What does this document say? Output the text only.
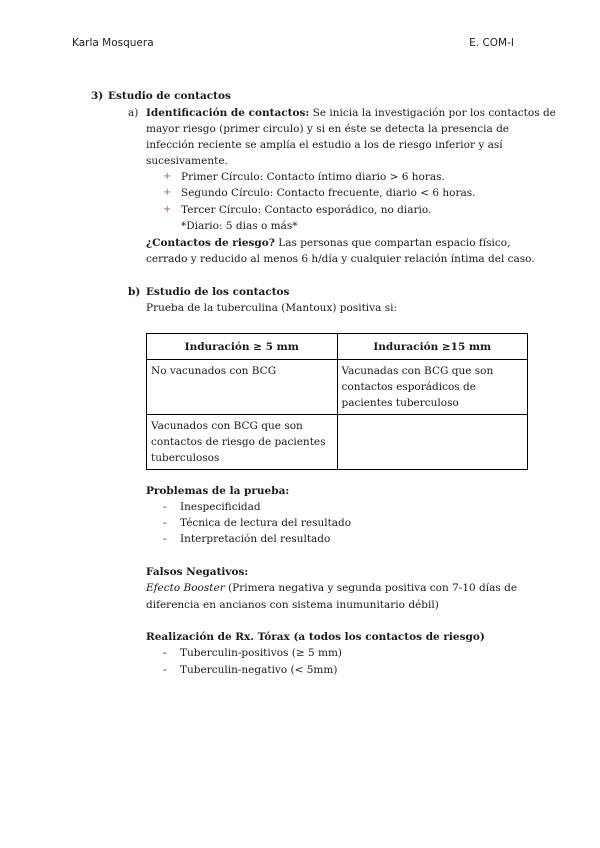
Karla Mosquera	E. COM-I
3) Estudio de contactos
a) Identificación de contactos: Se inicia la investigación por los contactos de
mayor riesgo (primer circulo) y si en éste se detecta la presencia de
infección reciente se amplía el estudio a los de riesgo inferior y así
sucesivamente.
+ Primer Círculo: Contacto íntimo diario > 6 horas.
+ Segundo Círculo: Contacto frecuente, diario < 6 horas.
+ Tercer Círculo: Contacto esporádico, no diario.
*Diario: 5 dias o más*
¿Contactos de riesgo? Las personas que compartan espacio físico,
cerrado y reducido al menos 6 h/día y cualquier relación íntima del caso.
b) Estudio de los contactos
Prueba de la tuberculina (Mantoux) positiva si:
Induración ≥ 5 mm	Induración ≥15 mm
No vacunados con BCG	Vacunadas con BCG que son contactos esporádicos de pacientes tuberculoso
Vacunados con BCG que son contactos de riesgo de pacientes tuberculosos	
Problemas de la prueba:
- Inespecificidad
- Técnica de lectura del resultado
- Interpretación del resultado
Falsos Negativos:
Efecto Booster (Primera negativa y segunda positiva con 7-10 días de
diferencia en ancianos con sistema inumunitario débil)
Realización de Rx. Tórax (a todos los contactos de riesgo)
- Tuberculin-positivos (≥ 5 mm)
- Tuberculin-negativo (< 5mm)
